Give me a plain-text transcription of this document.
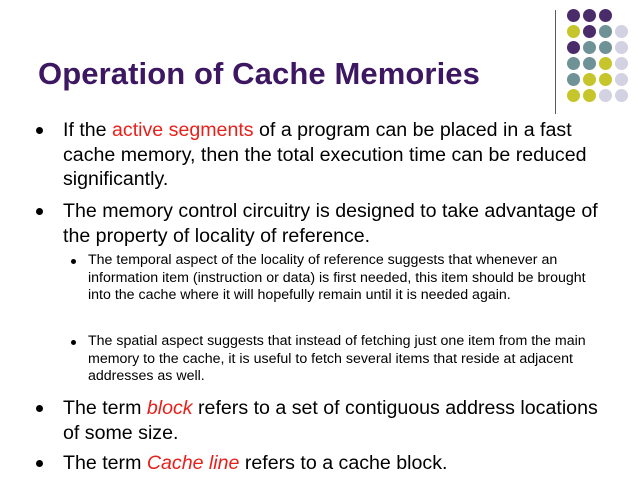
Operation of Cache Memories
If the active segments of a program can be placed in a fast cache memory, then the total execution time can be reduced significantly.
The memory control circuitry is designed to take advantage of the property of locality of reference.
The temporal aspect of the locality of reference suggests that whenever an information item (instruction or data) is first needed, this item should be brought into the cache where it will hopefully remain until it is needed again.
The spatial aspect suggests that instead of fetching just one item from the main memory to the cache, it is useful to fetch several items that reside at adjacent addresses as well.
The term block refers to a set of contiguous address locations of some size.
The term Cache line refers to a cache block.
